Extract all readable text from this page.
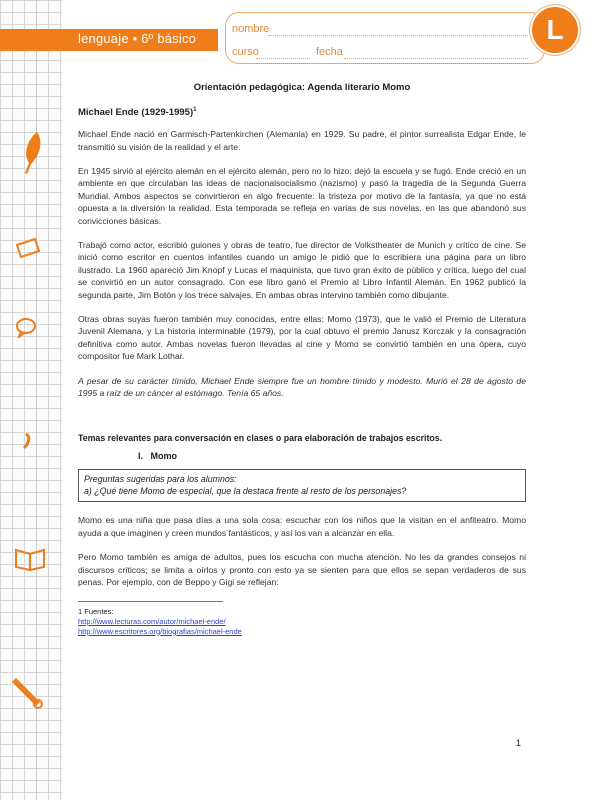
lenguaje • 6º básico
nombre
curso	fecha
L
Orientación pedagógica: Agenda literario Momo
Michael Ende (1929-1995)$^1$

Michael Ende nació en Garmisch-Partenkirchen (Alemania) en 1929. Su padre, el pintor surrealista Edgar Ende, le transmitió su visión de la realidad y el arte.

En 1945 sirvió al ejército alemán en el ejército alemán, pero no lo hizo: dejó la escuela y se fugó. Ende creció en un ambiente en que circulaban las ideas de nacionalsocialismo (nazismo) y pasó la tragedia de la Segunda Guerra Mundial. Ambos aspectos se convirtieron en algo frecuente: la tristeza por motivo de la fantasía, ya que no está opuesta a la diversión la realidad. Esta temporada se refleja en varias de sus novelas, en las que abandonó sus convicciones básicas.

Trabajó como actor, escribió guiones y obras de teatro, fue director de Volkstheater de Munich y crítico de cine. Se inició como escritor en cuentos infantiles cuando un amigo le pidió que lo escribiera una página para un libro ilustrado. La 1960 apareció Jim Knopf y Lucas el maquinista, que tuvo gran éxito de público y crítica, luego del cual se convirtió en un autor consagrado. Con ese libro ganó el Premio al Libro Infantil Alemán. En 1962 publicó la segunda parte, Jim Botón y los trece salvajes. En ambas obras intervino también como dibujante.

Otras obras suyas fueron también muy conocidas, entre ellas: Momo (1973), que le valió el Premio de Literatura Juvenil Alemana, y La historia interminable (1979), por la cual obtuvo el premio Janusz Korczak y la consagración definitiva como autor. Ambas novelas fueron llevadas al cine y Momo se convirtió también en una ópera, cuyo compositor fue Mark Lothar.

A pesar de su carácter tímido, Michael Ende siempre fue un hombre tímido y modesto. Murió el 28 de agosto de 1995 a raíz de un cáncer al estómago. Tenía 65 años.

Temas relevantes para conversación en clases o para elaboración de trabajos escritos.
I. Momo
Preguntas sugeridas para los alumnos:
a) ¿Qué tiene Momo de especial, que la destaca frente al resto de los personajes?

Momo es una niña que pasa días a una sola cosa: escuchar con los niños que la visitan en el anfiteatro. Momo ayuda a que imaginen y creen mundos fantásticos, y así los van a alcanzar en ella.

Pero Momo también es amiga de adultos, pues los escucha con mucha atención. No les da grandes consejos ni discursos críticos; se limita a oírlos y pronto con esto ya se sienten para que ellos se sepan verdaderos de sus penas. Por ejemplo, con de Beppo y Gigi se reflejan:

1 Fuentes:
http://www.lecturas.com/autor/michael-ende/
http://www.escritores.org/biografias/michael-ende
1
